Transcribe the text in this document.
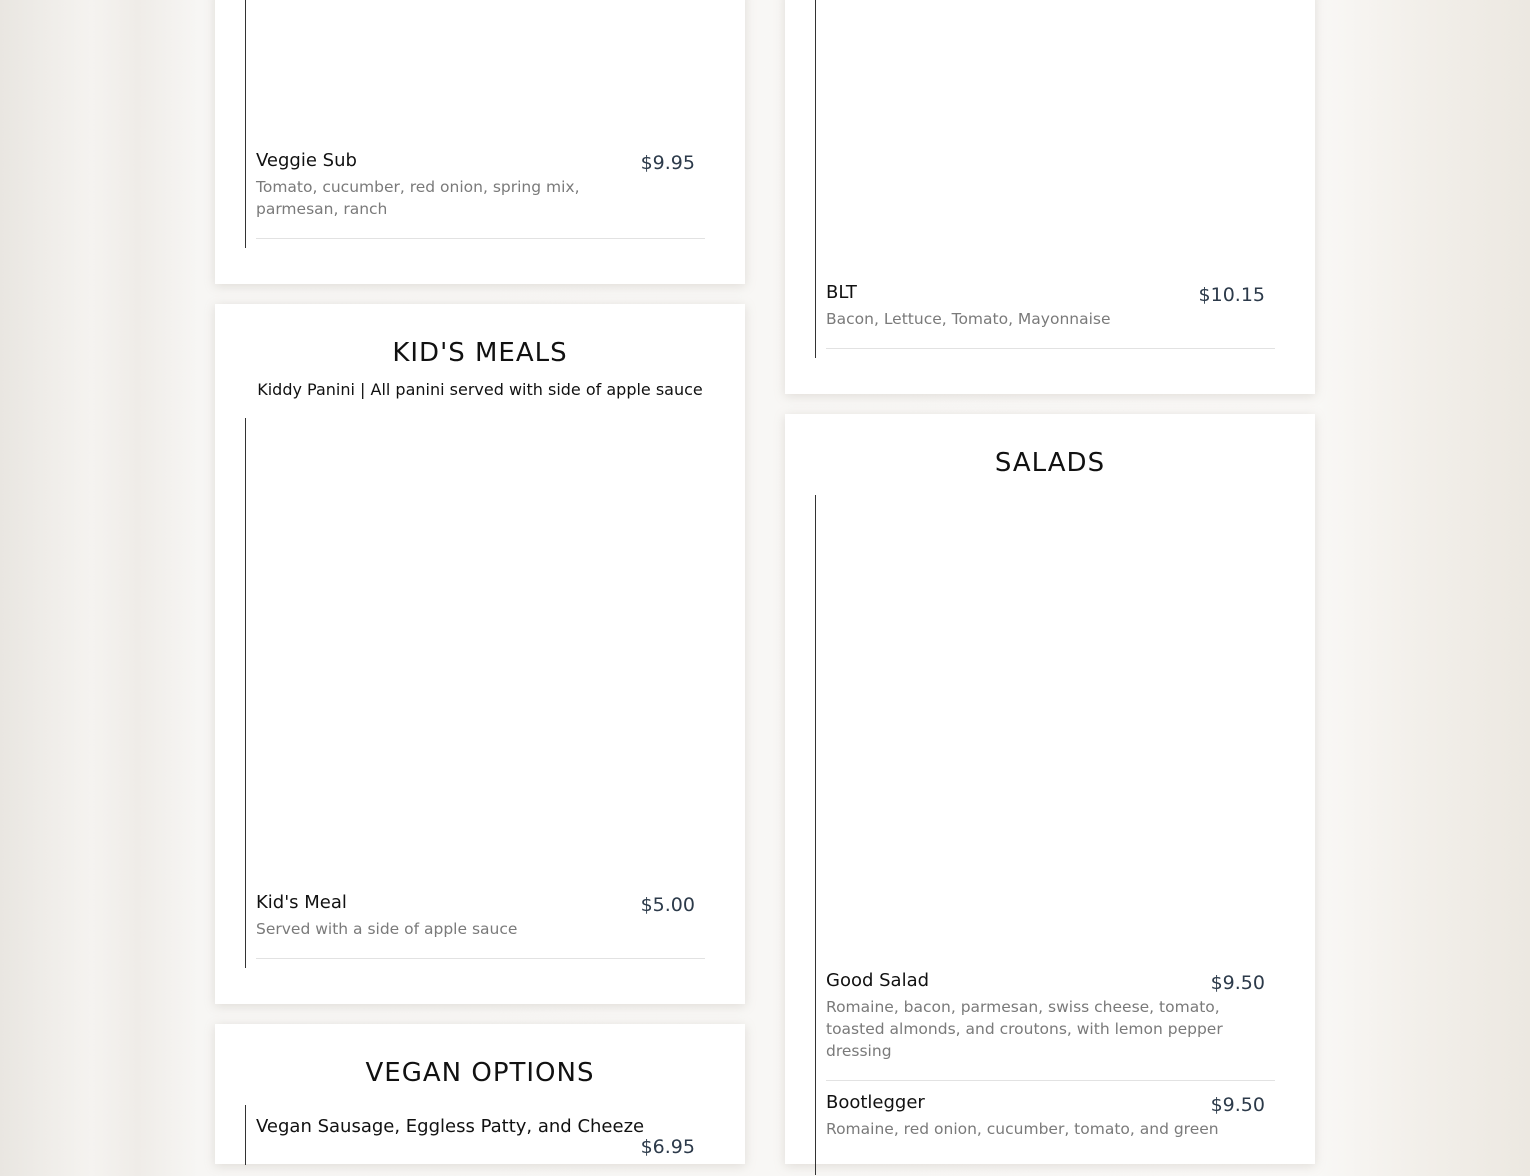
Veggie Sub	$9.95
Tomato, cucumber, red onion, spring mix, parmesan, ranch
KID'S MEALS
Kiddy Panini | All panini served with side of apple sauce
Kid's Meal	$5.00
Served with a side of apple sauce
VEGAN OPTIONS
Vegan Sausage, Eggless Patty, and Cheeze
$6.95
BLT	$10.15
Bacon, Lettuce, Tomato, Mayonnaise
SALADS
Good Salad	$9.50
Romaine, bacon, parmesan, swiss cheese, tomato, toasted almonds, and croutons, with lemon pepper dressing
Bootlegger	$9.50
Romaine, red onion, cucumber, tomato, and green
